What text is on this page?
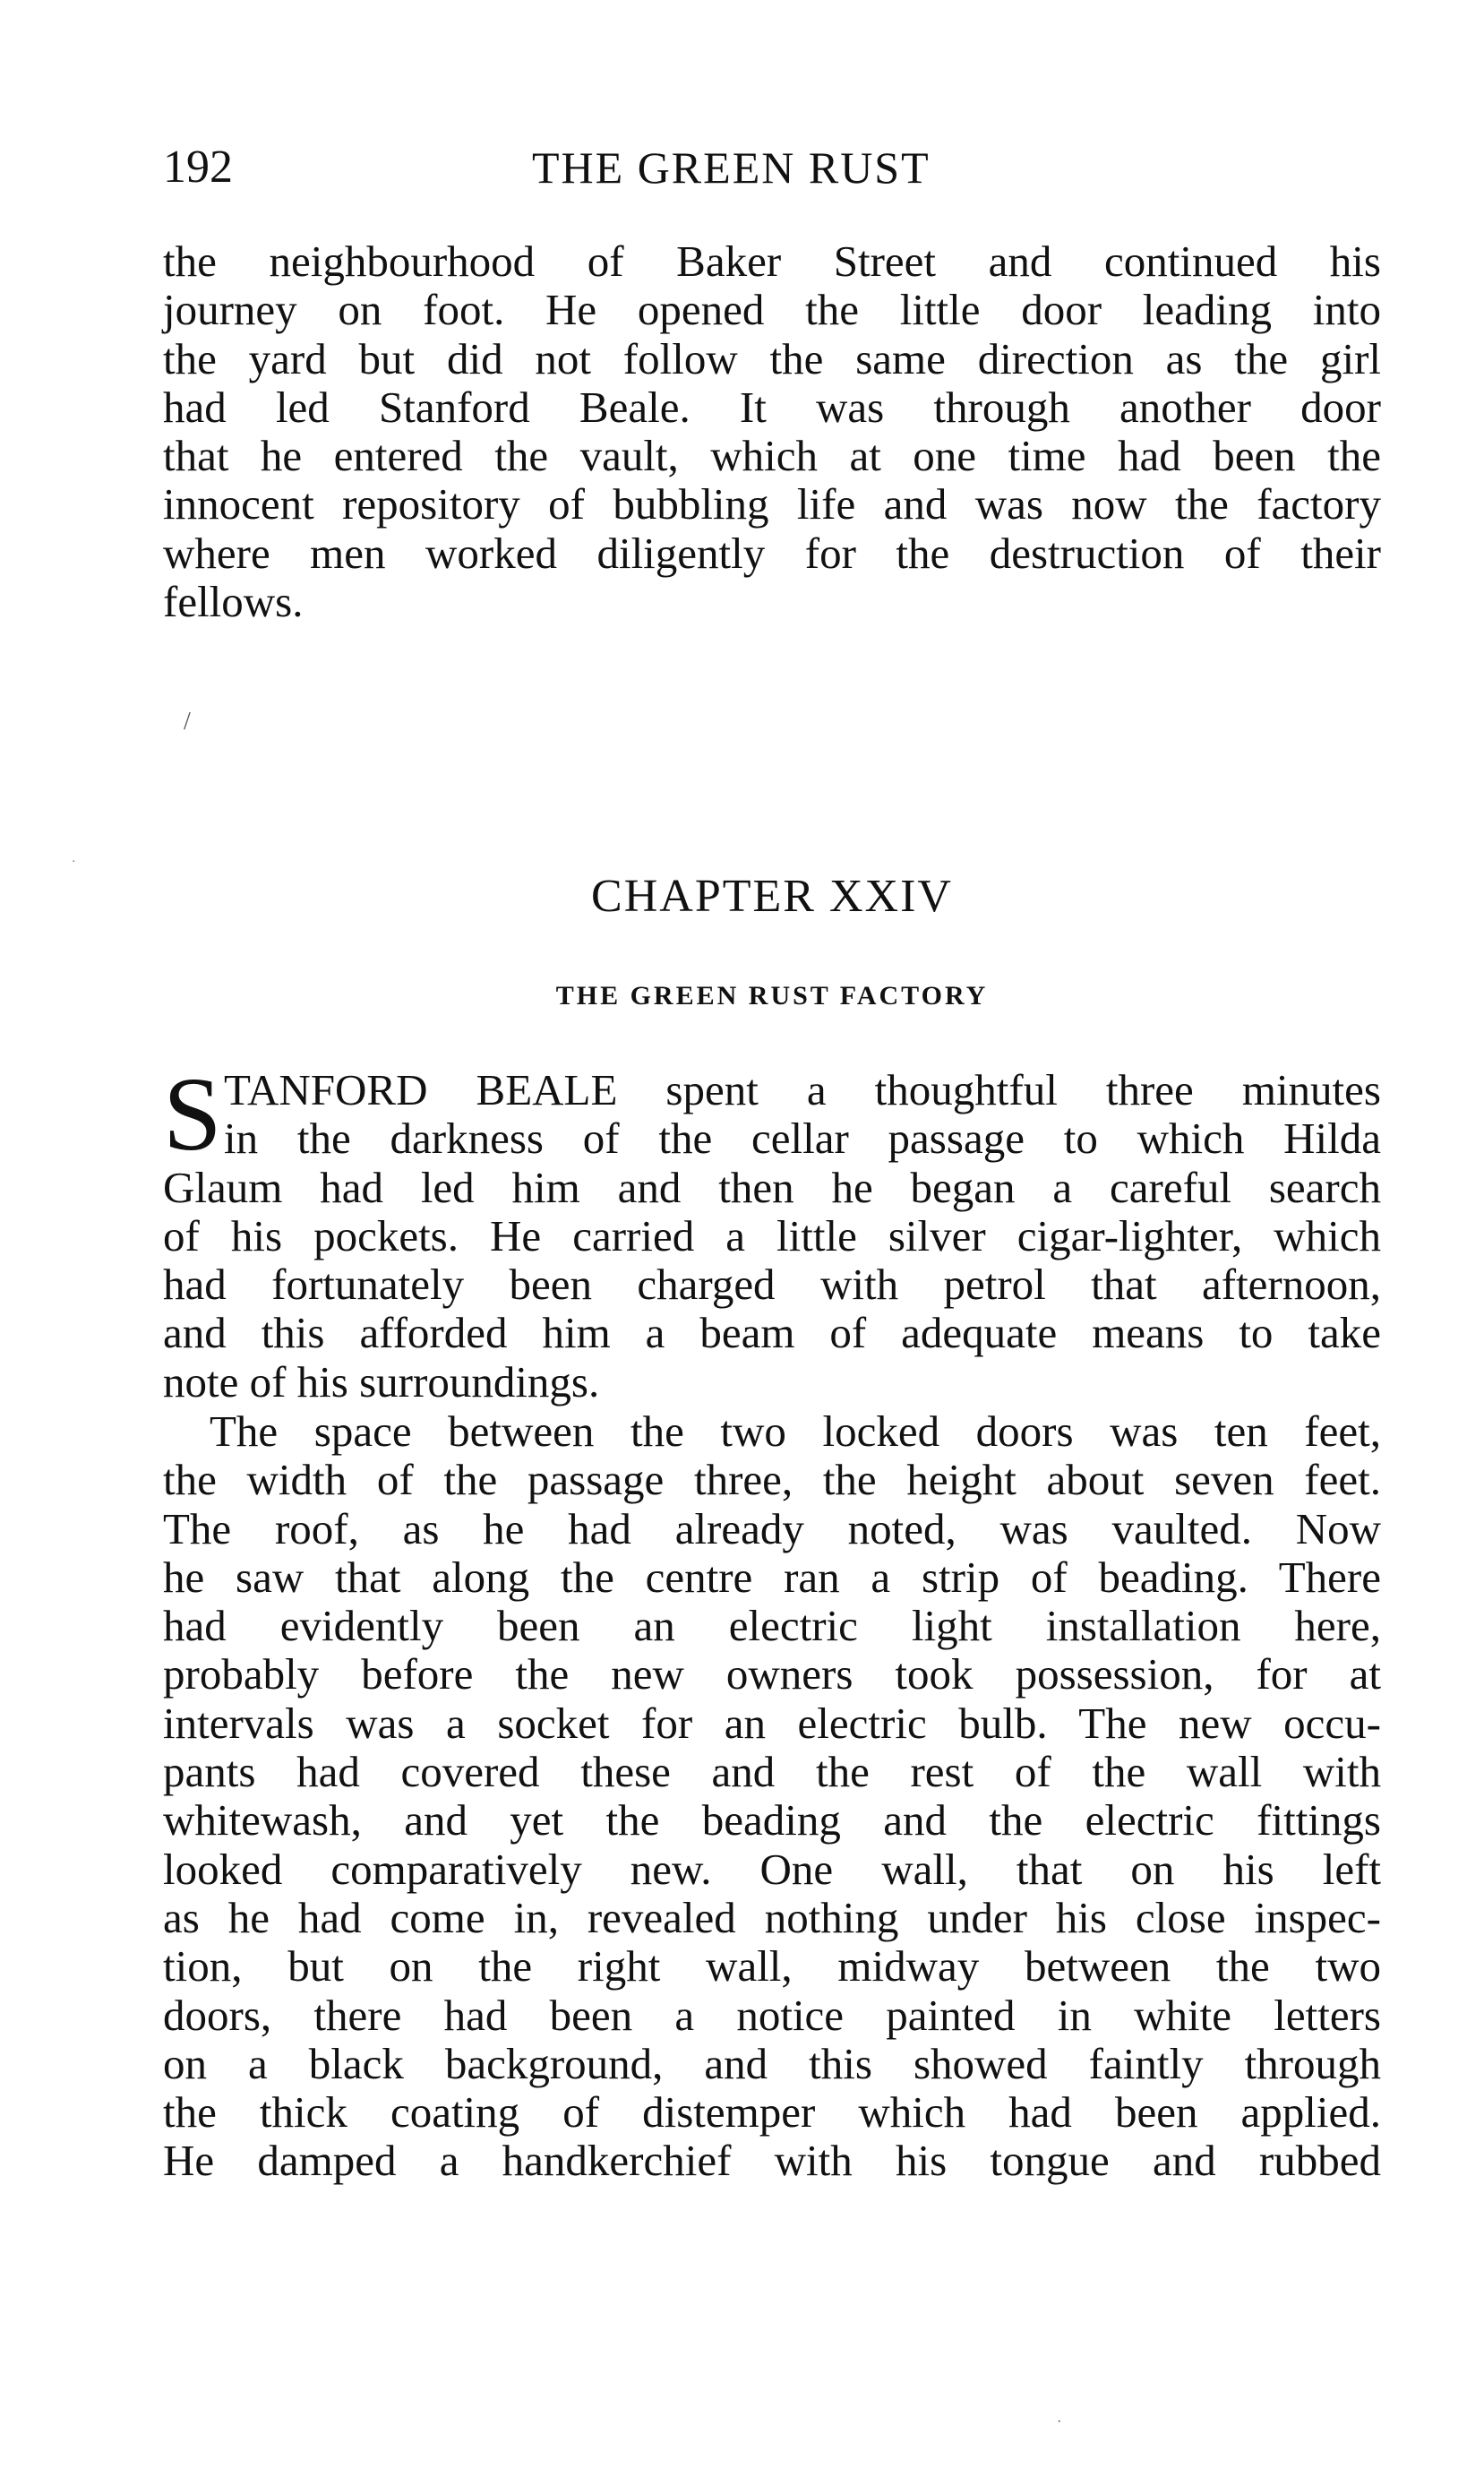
192	THE GREEN RUST
the neighbourhood of Baker Street and continued his
journey on foot. He opened the little door leading into
the yard but did not follow the same direction as the girl
had led Stanford Beale. It was through another door
that he entered the vault, which at one time had been the
innocent repository of bubbling life and was now the factory
where men worked diligently for the destruction of their
fellows.
/
·
CHAPTER XXIV
THE GREEN RUST FACTORY
S TANFORD BEALE spent a thoughtful three minutes
in the darkness of the cellar passage to which Hilda
Glaum had led him and then he began a careful search
of his pockets. He carried a little silver cigar-lighter, which
had fortunately been charged with petrol that afternoon,
and this afforded him a beam of adequate means to take
note of his surroundings.
The space between the two locked doors was ten feet,
the width of the passage three, the height about seven feet.
The roof, as he had already noted, was vaulted. Now
he saw that along the centre ran a strip of beading. There
had evidently been an electric light installation here,
probably before the new owners took possession, for at
intervals was a socket for an electric bulb. The new occu-
pants had covered these and the rest of the wall with
whitewash, and yet the beading and the electric fittings
looked comparatively new. One wall, that on his left
as he had come in, revealed nothing under his close inspec-
tion, but on the right wall, midway between the two
doors, there had been a notice painted in white letters
on a black background, and this showed faintly through
the thick coating of distemper which had been applied.
He damped a handkerchief with his tongue and rubbed
·
